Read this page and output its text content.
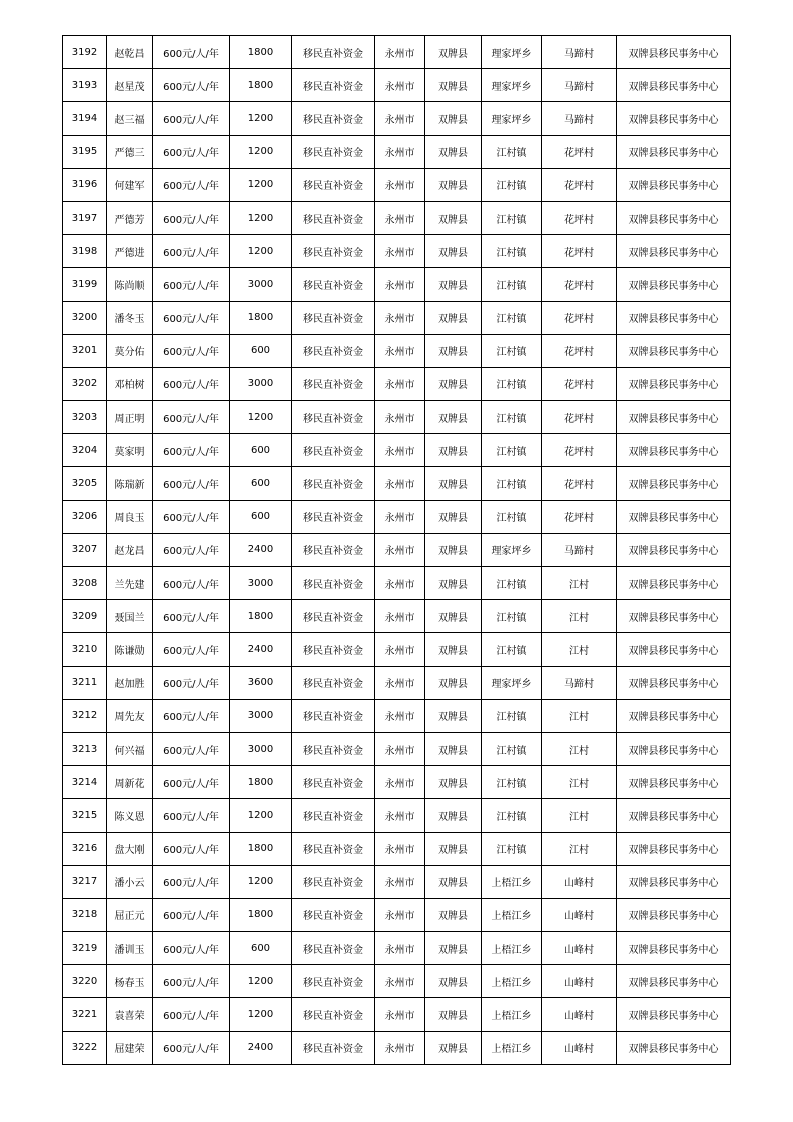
3192	赵乾昌	600元/人/年	1800	移民直补资金	永州市	双牌县	理家坪乡	马蹄村	双牌县移民事务中心
3193	赵星茂	600元/人/年	1800	移民直补资金	永州市	双牌县	理家坪乡	马蹄村	双牌县移民事务中心
3194	赵三福	600元/人/年	1200	移民直补资金	永州市	双牌县	理家坪乡	马蹄村	双牌县移民事务中心
3195	严德三	600元/人/年	1200	移民直补资金	永州市	双牌县	江村镇	花坪村	双牌县移民事务中心
3196	何建军	600元/人/年	1200	移民直补资金	永州市	双牌县	江村镇	花坪村	双牌县移民事务中心
3197	严德芳	600元/人/年	1200	移民直补资金	永州市	双牌县	江村镇	花坪村	双牌县移民事务中心
3198	严德进	600元/人/年	1200	移民直补资金	永州市	双牌县	江村镇	花坪村	双牌县移民事务中心
3199	陈尚顺	600元/人/年	3000	移民直补资金	永州市	双牌县	江村镇	花坪村	双牌县移民事务中心
3200	潘冬玉	600元/人/年	1800	移民直补资金	永州市	双牌县	江村镇	花坪村	双牌县移民事务中心
3201	莫分佑	600元/人/年	600	移民直补资金	永州市	双牌县	江村镇	花坪村	双牌县移民事务中心
3202	邓柏树	600元/人/年	3000	移民直补资金	永州市	双牌县	江村镇	花坪村	双牌县移民事务中心
3203	周正明	600元/人/年	1200	移民直补资金	永州市	双牌县	江村镇	花坪村	双牌县移民事务中心
3204	莫家明	600元/人/年	600	移民直补资金	永州市	双牌县	江村镇	花坪村	双牌县移民事务中心
3205	陈瑞新	600元/人/年	600	移民直补资金	永州市	双牌县	江村镇	花坪村	双牌县移民事务中心
3206	周良玉	600元/人/年	600	移民直补资金	永州市	双牌县	江村镇	花坪村	双牌县移民事务中心
3207	赵龙昌	600元/人/年	2400	移民直补资金	永州市	双牌县	理家坪乡	马蹄村	双牌县移民事务中心
3208	兰先建	600元/人/年	3000	移民直补资金	永州市	双牌县	江村镇	江村	双牌县移民事务中心
3209	聂国兰	600元/人/年	1800	移民直补资金	永州市	双牌县	江村镇	江村	双牌县移民事务中心
3210	陈谦勋	600元/人/年	2400	移民直补资金	永州市	双牌县	江村镇	江村	双牌县移民事务中心
3211	赵加胜	600元/人/年	3600	移民直补资金	永州市	双牌县	理家坪乡	马蹄村	双牌县移民事务中心
3212	周先友	600元/人/年	3000	移民直补资金	永州市	双牌县	江村镇	江村	双牌县移民事务中心
3213	何兴福	600元/人/年	3000	移民直补资金	永州市	双牌县	江村镇	江村	双牌县移民事务中心
3214	周新花	600元/人/年	1800	移民直补资金	永州市	双牌县	江村镇	江村	双牌县移民事务中心
3215	陈义恩	600元/人/年	1200	移民直补资金	永州市	双牌县	江村镇	江村	双牌县移民事务中心
3216	盘大刚	600元/人/年	1800	移民直补资金	永州市	双牌县	江村镇	江村	双牌县移民事务中心
3217	潘小云	600元/人/年	1200	移民直补资金	永州市	双牌县	上梧江乡	山峰村	双牌县移民事务中心
3218	屈正元	600元/人/年	1800	移民直补资金	永州市	双牌县	上梧江乡	山峰村	双牌县移民事务中心
3219	潘训玉	600元/人/年	600	移民直补资金	永州市	双牌县	上梧江乡	山峰村	双牌县移民事务中心
3220	杨春玉	600元/人/年	1200	移民直补资金	永州市	双牌县	上梧江乡	山峰村	双牌县移民事务中心
3221	袁喜荣	600元/人/年	1200	移民直补资金	永州市	双牌县	上梧江乡	山峰村	双牌县移民事务中心
3222	屈建荣	600元/人/年	2400	移民直补资金	永州市	双牌县	上梧江乡	山峰村	双牌县移民事务中心
